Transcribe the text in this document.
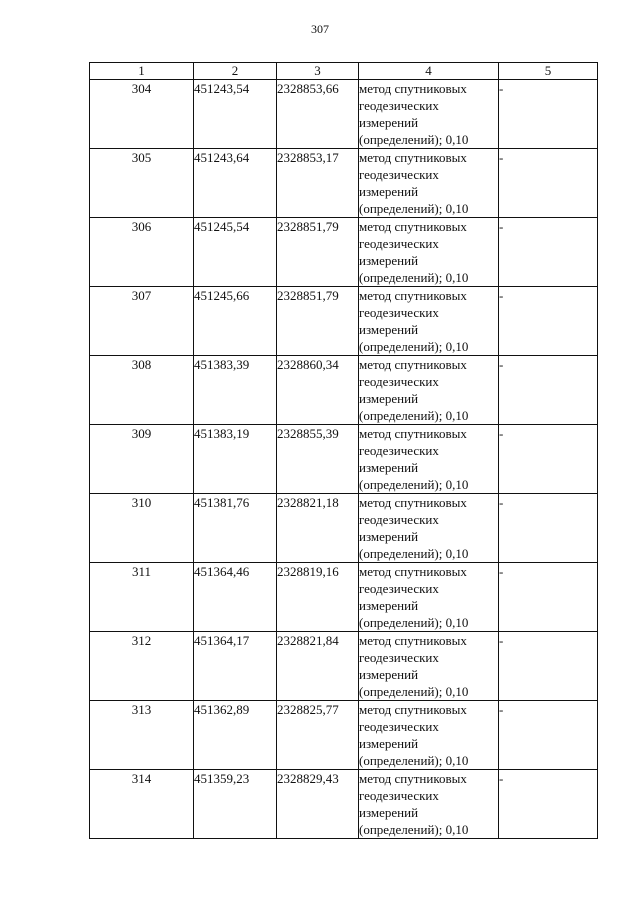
307
1	2	3	4	5
304	451243,54	2328853,66	метод спутниковых геодезических измерений (определений); 0,10	-
305	451243,64	2328853,17	метод спутниковых геодезических измерений (определений); 0,10	-
306	451245,54	2328851,79	метод спутниковых геодезических измерений (определений); 0,10	-
307	451245,66	2328851,79	метод спутниковых геодезических измерений (определений); 0,10	-
308	451383,39	2328860,34	метод спутниковых геодезических измерений (определений); 0,10	-
309	451383,19	2328855,39	метод спутниковых геодезических измерений (определений); 0,10	-
310	451381,76	2328821,18	метод спутниковых геодезических измерений (определений); 0,10	-
311	451364,46	2328819,16	метод спутниковых геодезических измерений (определений); 0,10	-
312	451364,17	2328821,84	метод спутниковых геодезических измерений (определений); 0,10	-
313	451362,89	2328825,77	метод спутниковых геодезических измерений (определений); 0,10	-
314	451359,23	2328829,43	метод спутниковых геодезических измерений (определений); 0,10	-
